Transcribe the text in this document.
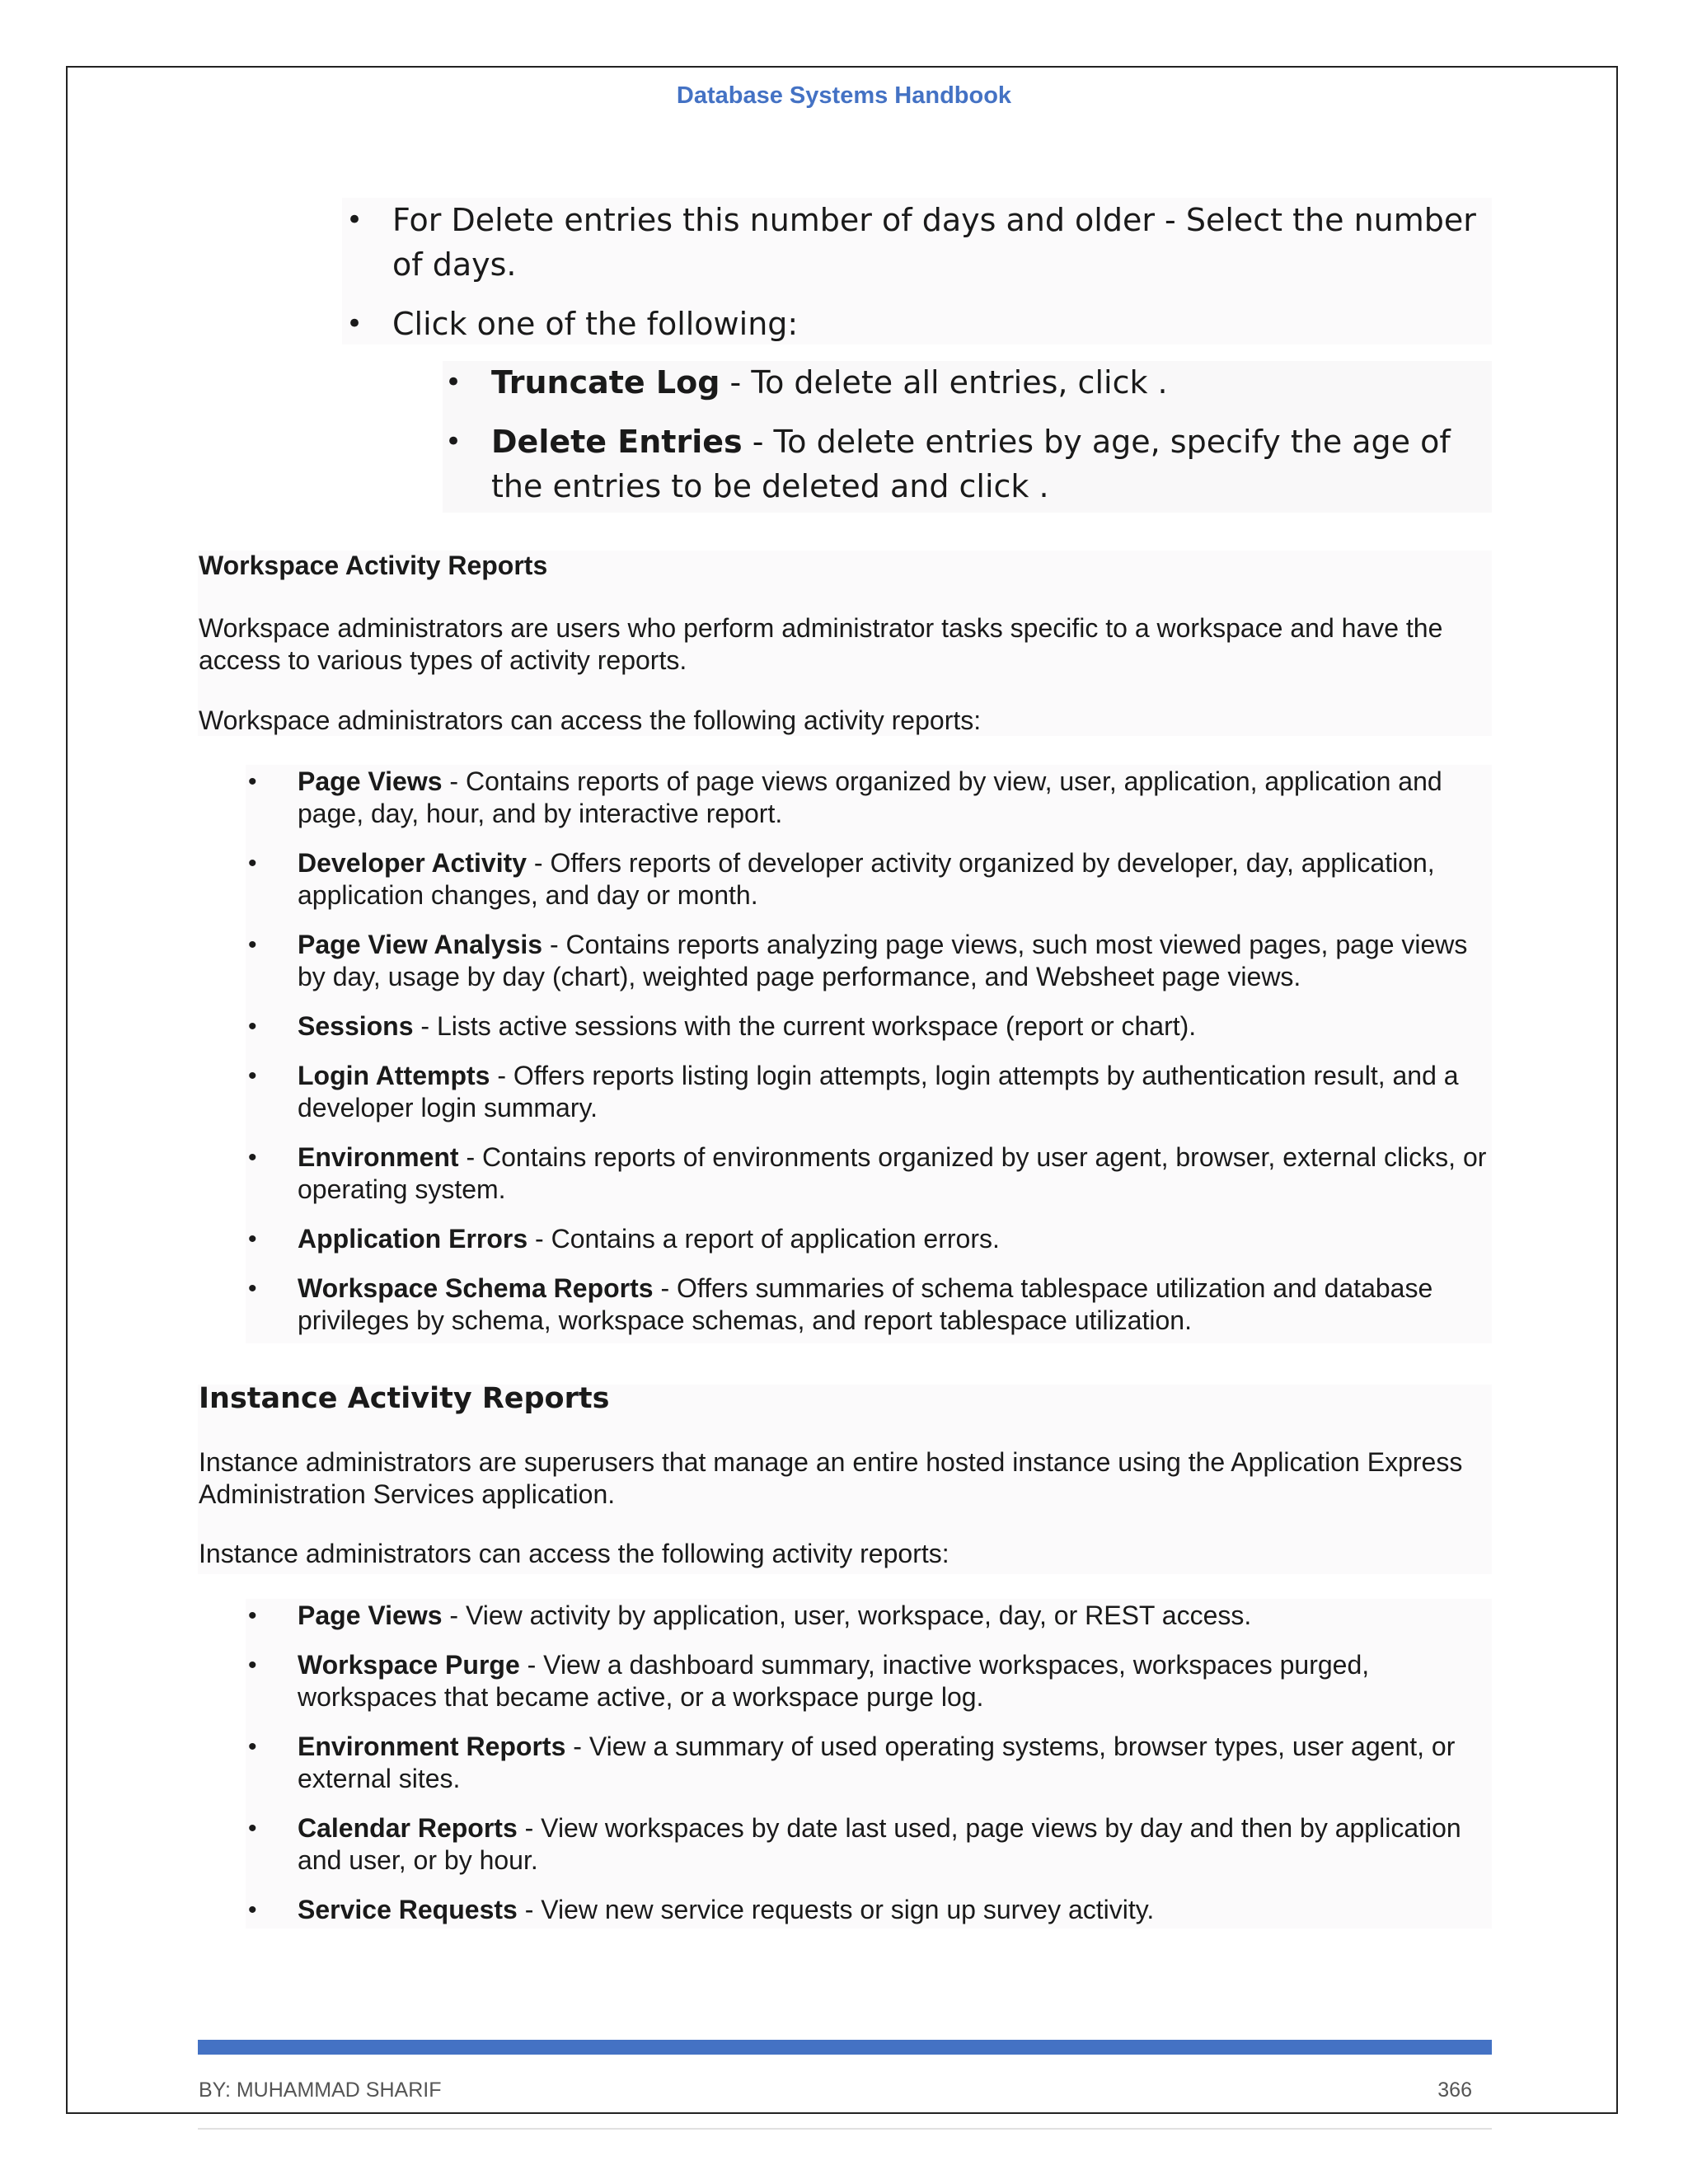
Database Systems Handbook
• For Delete entries this number of days and older - Select the number of days.
• Click one of the following:
• Truncate Log - To delete all entries, click .
• Delete Entries - To delete entries by age, specify the age of the entries to be deleted and click .
Workspace Activity Reports

Workspace administrators are users who perform administrator tasks specific to a workspace and have the access to various types of activity reports.

Workspace administrators can access the following activity reports:

• Page Views - Contains reports of page views organized by view, user, application, application and page, day, hour, and by interactive report.
• Developer Activity - Offers reports of developer activity organized by developer, day, application, application changes, and day or month.
• Page View Analysis - Contains reports analyzing page views, such most viewed pages, page views by day, usage by day (chart), weighted page performance, and Websheet page views.
• Sessions - Lists active sessions with the current workspace (report or chart).
• Login Attempts - Offers reports listing login attempts, login attempts by authentication result, and a developer login summary.
• Environment - Contains reports of environments organized by user agent, browser, external clicks, or operating system.
• Application Errors - Contains a report of application errors.
• Workspace Schema Reports - Offers summaries of schema tablespace utilization and database privileges by schema, workspace schemas, and report tablespace utilization.
Instance Activity Reports

Instance administrators are superusers that manage an entire hosted instance using the Application Express Administration Services application.

Instance administrators can access the following activity reports:

• Page Views - View activity by application, user, workspace, day, or REST access.
• Workspace Purge - View a dashboard summary, inactive workspaces, workspaces purged, workspaces that became active, or a workspace purge log.
• Environment Reports - View a summary of used operating systems, browser types, user agent, or external sites.
• Calendar Reports - View workspaces by date last used, page views by day and then by application and user, or by hour.
• Service Requests - View new service requests or sign up survey activity.
BY: MUHAMMAD SHARIF	366
